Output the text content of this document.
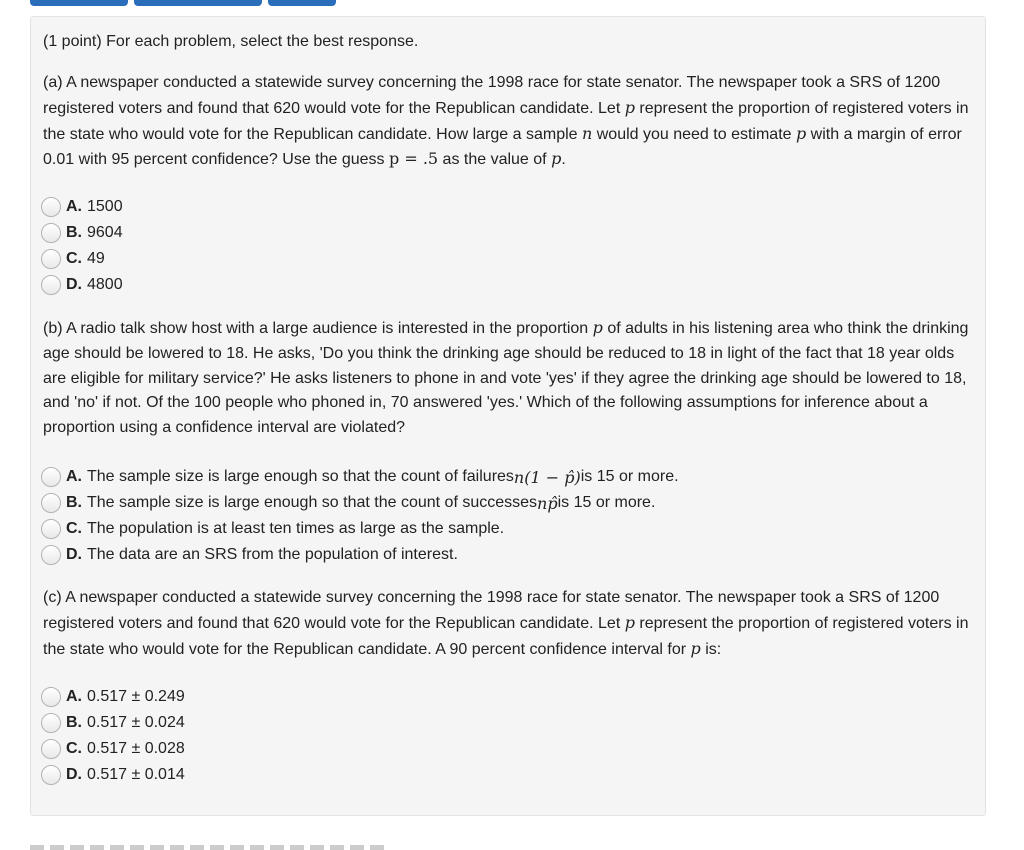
(1 point) For each problem, select the best response.
(a) A newspaper conducted a statewide survey concerning the 1998 race for state senator. The newspaper took a SRS of 1200 registered voters and found that 620 would vote for the Republican candidate. Let p represent the proportion of registered voters in the state who would vote for the Republican candidate. How large a sample n would you need to estimate p with a margin of error 0.01 with 95 percent confidence? Use the guess p = .5 as the value of p.
A. 1500
B. 9604
C. 49
D. 4800
(b) A radio talk show host with a large audience is interested in the proportion p of adults in his listening area who think the drinking age should be lowered to 18. He asks, 'Do you think the drinking age should be reduced to 18 in light of the fact that 18 year olds are eligible for military service?' He asks listeners to phone in and vote 'yes' if they agree the drinking age should be lowered to 18, and 'no' if not. Of the 100 people who phoned in, 70 answered 'yes.' Which of the following assumptions for inference about a proportion using a confidence interval are violated?
A. The sample size is large enough so that the count of failures n(1 − p̂) is 15 or more.
B. The sample size is large enough so that the count of successes np̂ is 15 or more.
C. The population is at least ten times as large as the sample.
D. The data are an SRS from the population of interest.
(c) A newspaper conducted a statewide survey concerning the 1998 race for state senator. The newspaper took a SRS of 1200 registered voters and found that 620 would vote for the Republican candidate. Let p represent the proportion of registered voters in the state who would vote for the Republican candidate. A 90 percent confidence interval for p is:
A. 0.517 ± 0.249
B. 0.517 ± 0.024
C. 0.517 ± 0.028
D. 0.517 ± 0.014
